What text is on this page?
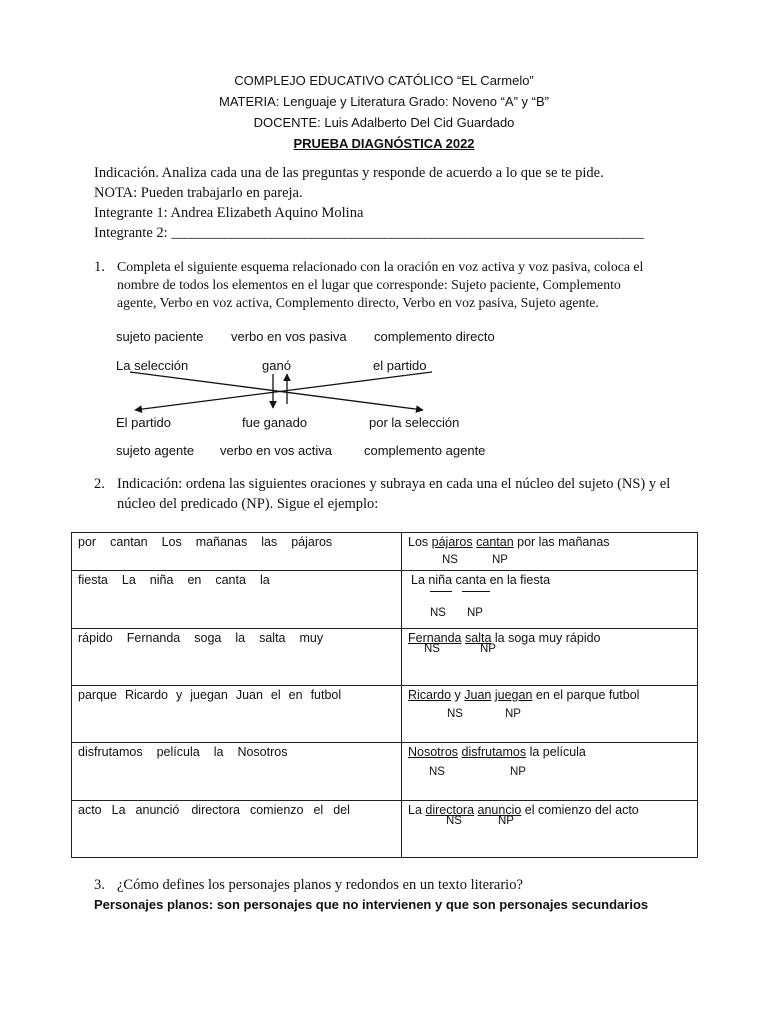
COMPLEJO EDUCATIVO CATÓLICO “EL Carmelo”
MATERIA: Lenguaje y Literatura Grado: Noveno “A” y “B”
DOCENTE: Luis Adalberto Del Cid Guardado
PRUEBA DIAGNÓSTICA 2022
Indicación. Analiza cada una de las preguntas y responde de acuerdo a lo que se te pide.
NOTA: Pueden trabajarlo en pareja.
Integrante 1: Andrea Elizabeth Aquino Molina
Integrante 2: _______________________________________________________________________
1. Completa el siguiente esquema relacionado con la oración en voz activa y voz pasiva, coloca el
nombre de todos los elementos en el lugar que corresponde: Sujeto paciente, Complemento
agente, Verbo en voz activa, Complemento directo, Verbo en voz pasiva, Sujeto agente.
sujeto paciente verbo en vos pasiva complemento directo
La selección	ganó	el partido
El partido	fue ganado	por la selección
sujeto agente verbo en vos activa complemento agente
2. Indicación: ordena las siguientes oraciones y subraya en cada una el núcleo del sujeto (NS) y el
núcleo del predicado (NP). Sigue el ejemplo:
por cantan Los mañanas las pájaros	Los pájaros cantan por las mañanas
NS NP

fiesta La niña en canta la	La niña canta en la fiesta
NS NP

rápido Fernanda soga la salta muy	Fernanda salta la soga muy rápido
NS NP

parque Ricardo y juegan Juan el en futbol	Ricardo y Juan juegan en el parque futbol
NS NP

disfrutamos película la Nosotros	Nosotros disfrutamos la película
NS NP

acto La anunció directora comienzo el del	La directora anuncio el comienzo del acto
NS NP
3. ¿Cómo defines los personajes planos y redondos en un texto literario?
Personajes planos: son personajes que no intervienen y que son personajes secundarios
